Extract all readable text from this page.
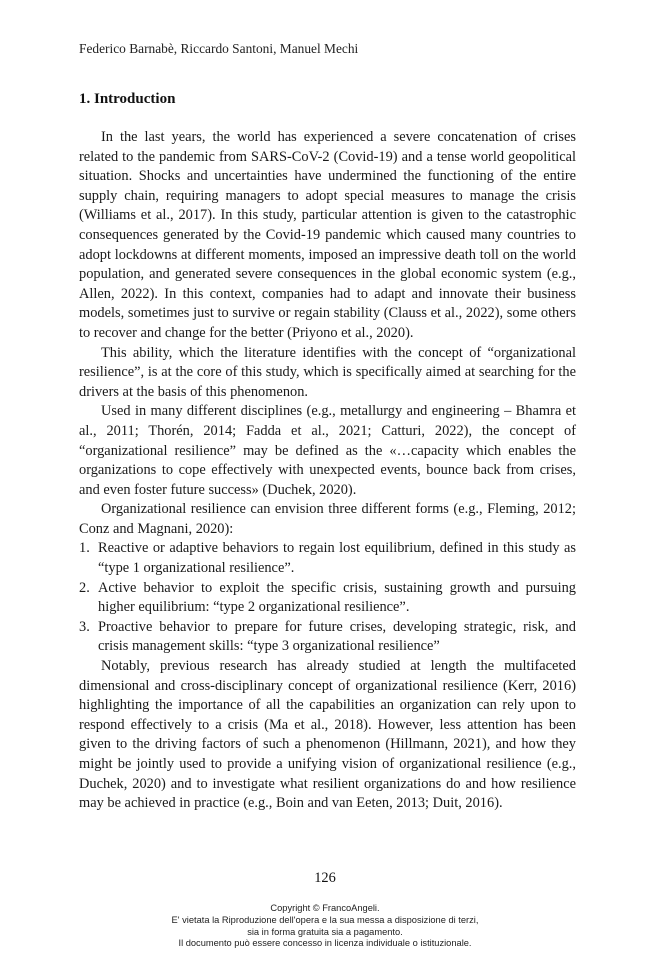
Federico Barnabè, Riccardo Santoni, Manuel Mechi
1. Introduction

In the last years, the world has experienced a severe concatenation of crises related to the pandemic from SARS-CoV-2 (Covid-19) and a tense world geopolitical situation. Shocks and uncertainties have undermined the functioning of the entire supply chain, requiring managers to adopt special measures to manage the crisis (Williams et al., 2017). In this study, particular attention is given to the catastrophic consequences generated by the Covid-19 pandemic which caused many countries to adopt lockdowns at different moments, imposed an impressive death toll on the world population, and generated severe consequences in the global economic system (e.g., Allen, 2022). In this context, companies had to adapt and innovate their business models, sometimes just to survive or regain stability (Clauss et al., 2022), some others to recover and change for the better (Priyono et al., 2020).

This ability, which the literature identifies with the concept of “organizational resilience”, is at the core of this study, which is specifically aimed at searching for the drivers at the basis of this phenomenon.

Used in many different disciplines (e.g., metallurgy and engineering – Bhamra et al., 2011; Thorén, 2014; Fadda et al., 2021; Catturi, 2022), the concept of “organizational resilience” may be defined as the «…capacity which enables the organizations to cope effectively with unexpected events, bounce back from crises, and even foster future success» (Duchek, 2020).

Organizational resilience can envision three different forms (e.g., Fleming, 2012; Conz and Magnani, 2020):

1. Reactive or adaptive behaviors to regain lost equilibrium, defined in this study as “type 1 organizational resilience”.
2. Active behavior to exploit the specific crisis, sustaining growth and pursuing higher equilibrium: “type 2 organizational resilience”.
3. Proactive behavior to prepare for future crises, developing strategic, risk, and crisis management skills: “type 3 organizational resilience”

Notably, previous research has already studied at length the multifaceted dimensional and cross-disciplinary concept of organizational resilience (Kerr, 2016) highlighting the importance of all the capabilities an organization can rely upon to respond effectively to a crisis (Ma et al., 2018). However, less attention has been given to the driving factors of such a phenomenon (Hillmann, 2021), and how they might be jointly used to provide a unifying vision of organizational resilience (e.g., Duchek, 2020) and to investigate what resilient organizations do and how resilience may be achieved in practice (e.g., Boin and van Eeten, 2013; Duit, 2016).

126
Copyright © FrancoAngeli.
E' vietata la Riproduzione dell'opera e la sua messa a disposizione di terzi,
sia in forma gratuita sia a pagamento.
Il documento può essere concesso in licenza individuale o istituzionale.
